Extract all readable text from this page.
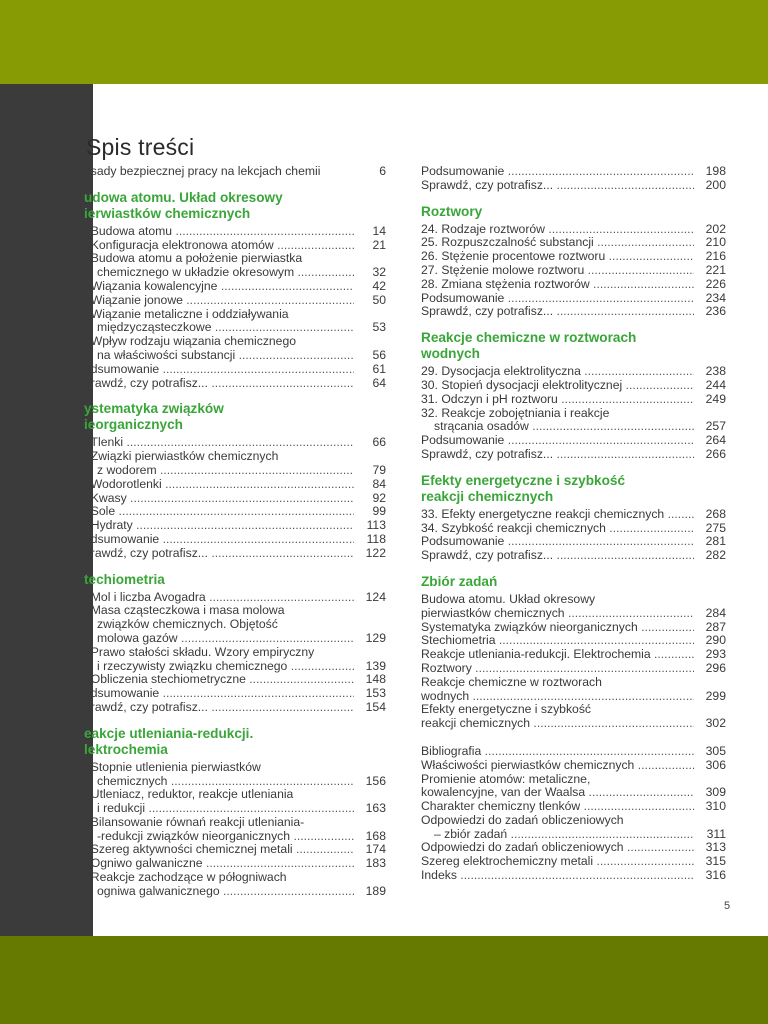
Spis treści
asady bezpiecznej pracy na lekcjach chemii	6
udowa atomu. Układ okresowy
ierwiastków chemicznych
. Budowa atomu .....	14
. Konfiguracja elektronowa atomów .....	21
. Budowa atomu a położenie pierwiastka
chemicznego w układzie okresowym .....	32
. Wiązania kowalencyjne .....	42
. Wiązanie jonowe .....	50
. Wiązanie metaliczne i oddziaływania
międzycząsteczkowe .....	53
. Wpływ rodzaju wiązania chemicznego
na właściwości substancji .....	56
odsumowanie .....	61
prawdź, czy potrafisz... .....	64
ystematyka związków
ieorganicznych
. Tlenki .....	66
. Związki pierwiastków chemicznych
z wodorem .....	79
. Wodorotlenki .....	84
. Kwasy .....	92
. Sole .....	99
. Hydraty .....	113
odsumowanie .....	118
prawdź, czy potrafisz... .....	122
techiometria
. Mol i liczba Avogadra .....	124
. Masa cząsteczkowa i masa molowa
związków chemicznych. Objętość
molowa gazów .....	129
. Prawo stałości składu. Wzory empiryczny
i rzeczywisty związku chemicznego .....	139
. Obliczenia stechiometryczne .....	148
odsumowanie .....	153
prawdź, czy potrafisz... .....	154
eakcje utleniania-redukcji.
lektrochemia
. Stopnie utlenienia pierwiastków
chemicznych .....	156
. Utleniacz, reduktor, reakcje utleniania
i redukcji .....	163
. Bilansowanie równań reakcji utleniania-
-redukcji związków nieorganicznych .....	168
. Szereg aktywności chemicznej metali .....	174
. Ogniwo galwaniczne .....	183
. Reakcje zachodzące w półogniwach
ogniwa galwanicznego .....	189
Podsumowanie .....	198
Sprawdź, czy potrafisz... .....	200
Roztwory
24. Rodzaje roztworów .....	202
25. Rozpuszczalność substancji .....	210
26. Stężenie procentowe roztworu .....	216
27. Stężenie molowe roztworu .....	221
28. Zmiana stężenia roztworów .....	226
Podsumowanie .....	234
Sprawdź, czy potrafisz... .....	236
Reakcje chemiczne w roztworach
wodnych
29. Dysocjacja elektrolityczna .....	238
30. Stopień dysocjacji elektrolitycznej .....	244
31. Odczyn i pH roztworu .....	249
32. Reakcje zobojętniania i reakcje
strącania osadów .....	257
Podsumowanie .....	264
Sprawdź, czy potrafisz... .....	266
Efekty energetyczne i szybkość
reakcji chemicznych
33. Efekty energetyczne reakcji chemicznych .....	268
34. Szybkość reakcji chemicznych .....	275
Podsumowanie .....	281
Sprawdź, czy potrafisz... .....	282
Zbiór zadań
Budowa atomu. Układ okresowy
pierwiastków chemicznych .....	284
Systematyka związków nieorganicznych .....	287
Stechiometria .....	290
Reakcje utleniania-redukcji. Elektrochemia .....	293
Roztwory .....	296
Reakcje chemiczne w roztworach
wodnych .....	299
Efekty energetyczne i szybkość
reakcji chemicznych .....	302
Bibliografia .....	305
Właściwości pierwiastków chemicznych .....	306
Promienie atomów: metaliczne,
kowalencyjne, van der Waalsa .....	309
Charakter chemiczny tlenków .....	310
Odpowiedzi do zadań obliczeniowych
– zbiór zadań .....	311
Odpowiedzi do zadań obliczeniowych .....	313
Szereg elektrochemiczny metali .....	315
Indeks .....	316
5
